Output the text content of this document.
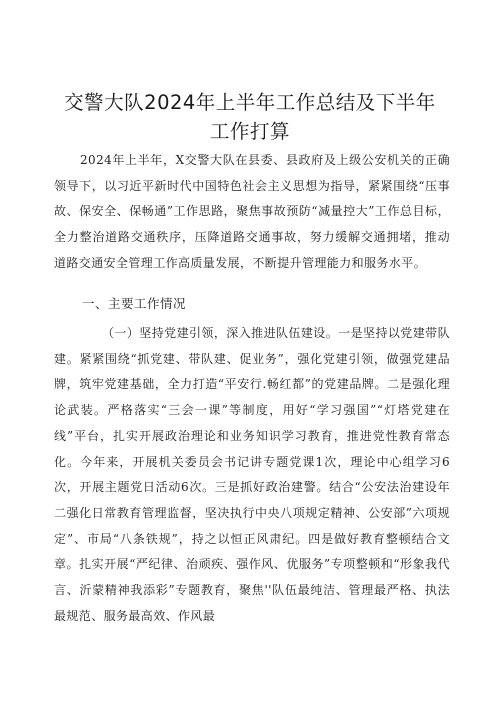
交警大队2024年上半年工作总结及下半年工作打算
2024年上半年，X交警大队在县委、县政府及上级公安机关的正确领导下，以习近平新时代中国特色社会主义思想为指导，紧紧围绕“压事故、保安全、保畅通”工作思路，聚焦事故预防“减量控大”工作总目标，全力整治道路交通秩序，压降道路交通事故，努力缓解交通拥堵，推动道路交通安全管理工作高质量发展，不断提升管理能力和服务水平。
一、主要工作情况
（一）坚持党建引领，深入推进队伍建设。一是坚持以党建带队建。紧紧围绕“抓党建、带队建、促业务”，强化党建引领，做强党建品牌，筑牢党建基础，全力打造“平安行.畅红都”的党建品牌。二是强化理论武装。严格落实“三会一课”等制度，用好“学习强国”“灯塔党建在线”平台，扎实开展政治理论和业务知识学习教育，推进党性教育常态化。今年来，开展机关委员会书记讲专题党课1次，理论中心组学习6次，开展主题党日活动6次。三是抓好政治建警。结合“公安法治建设年二强化日常教育管理监督，坚决执行中央八项规定精神、公安部”六项规定”、市局“八条铁规”，持之以恒正风肃纪。四是做好教育整顿结合文章。扎实开展“严纪律、治顽疾、强作风、优服务”专项整顿和“形象我代言、沂蒙精神我添彩”专题教育，聚焦''队伍最纯洁、管理最严格、执法最规范、服务最高效、作风最
